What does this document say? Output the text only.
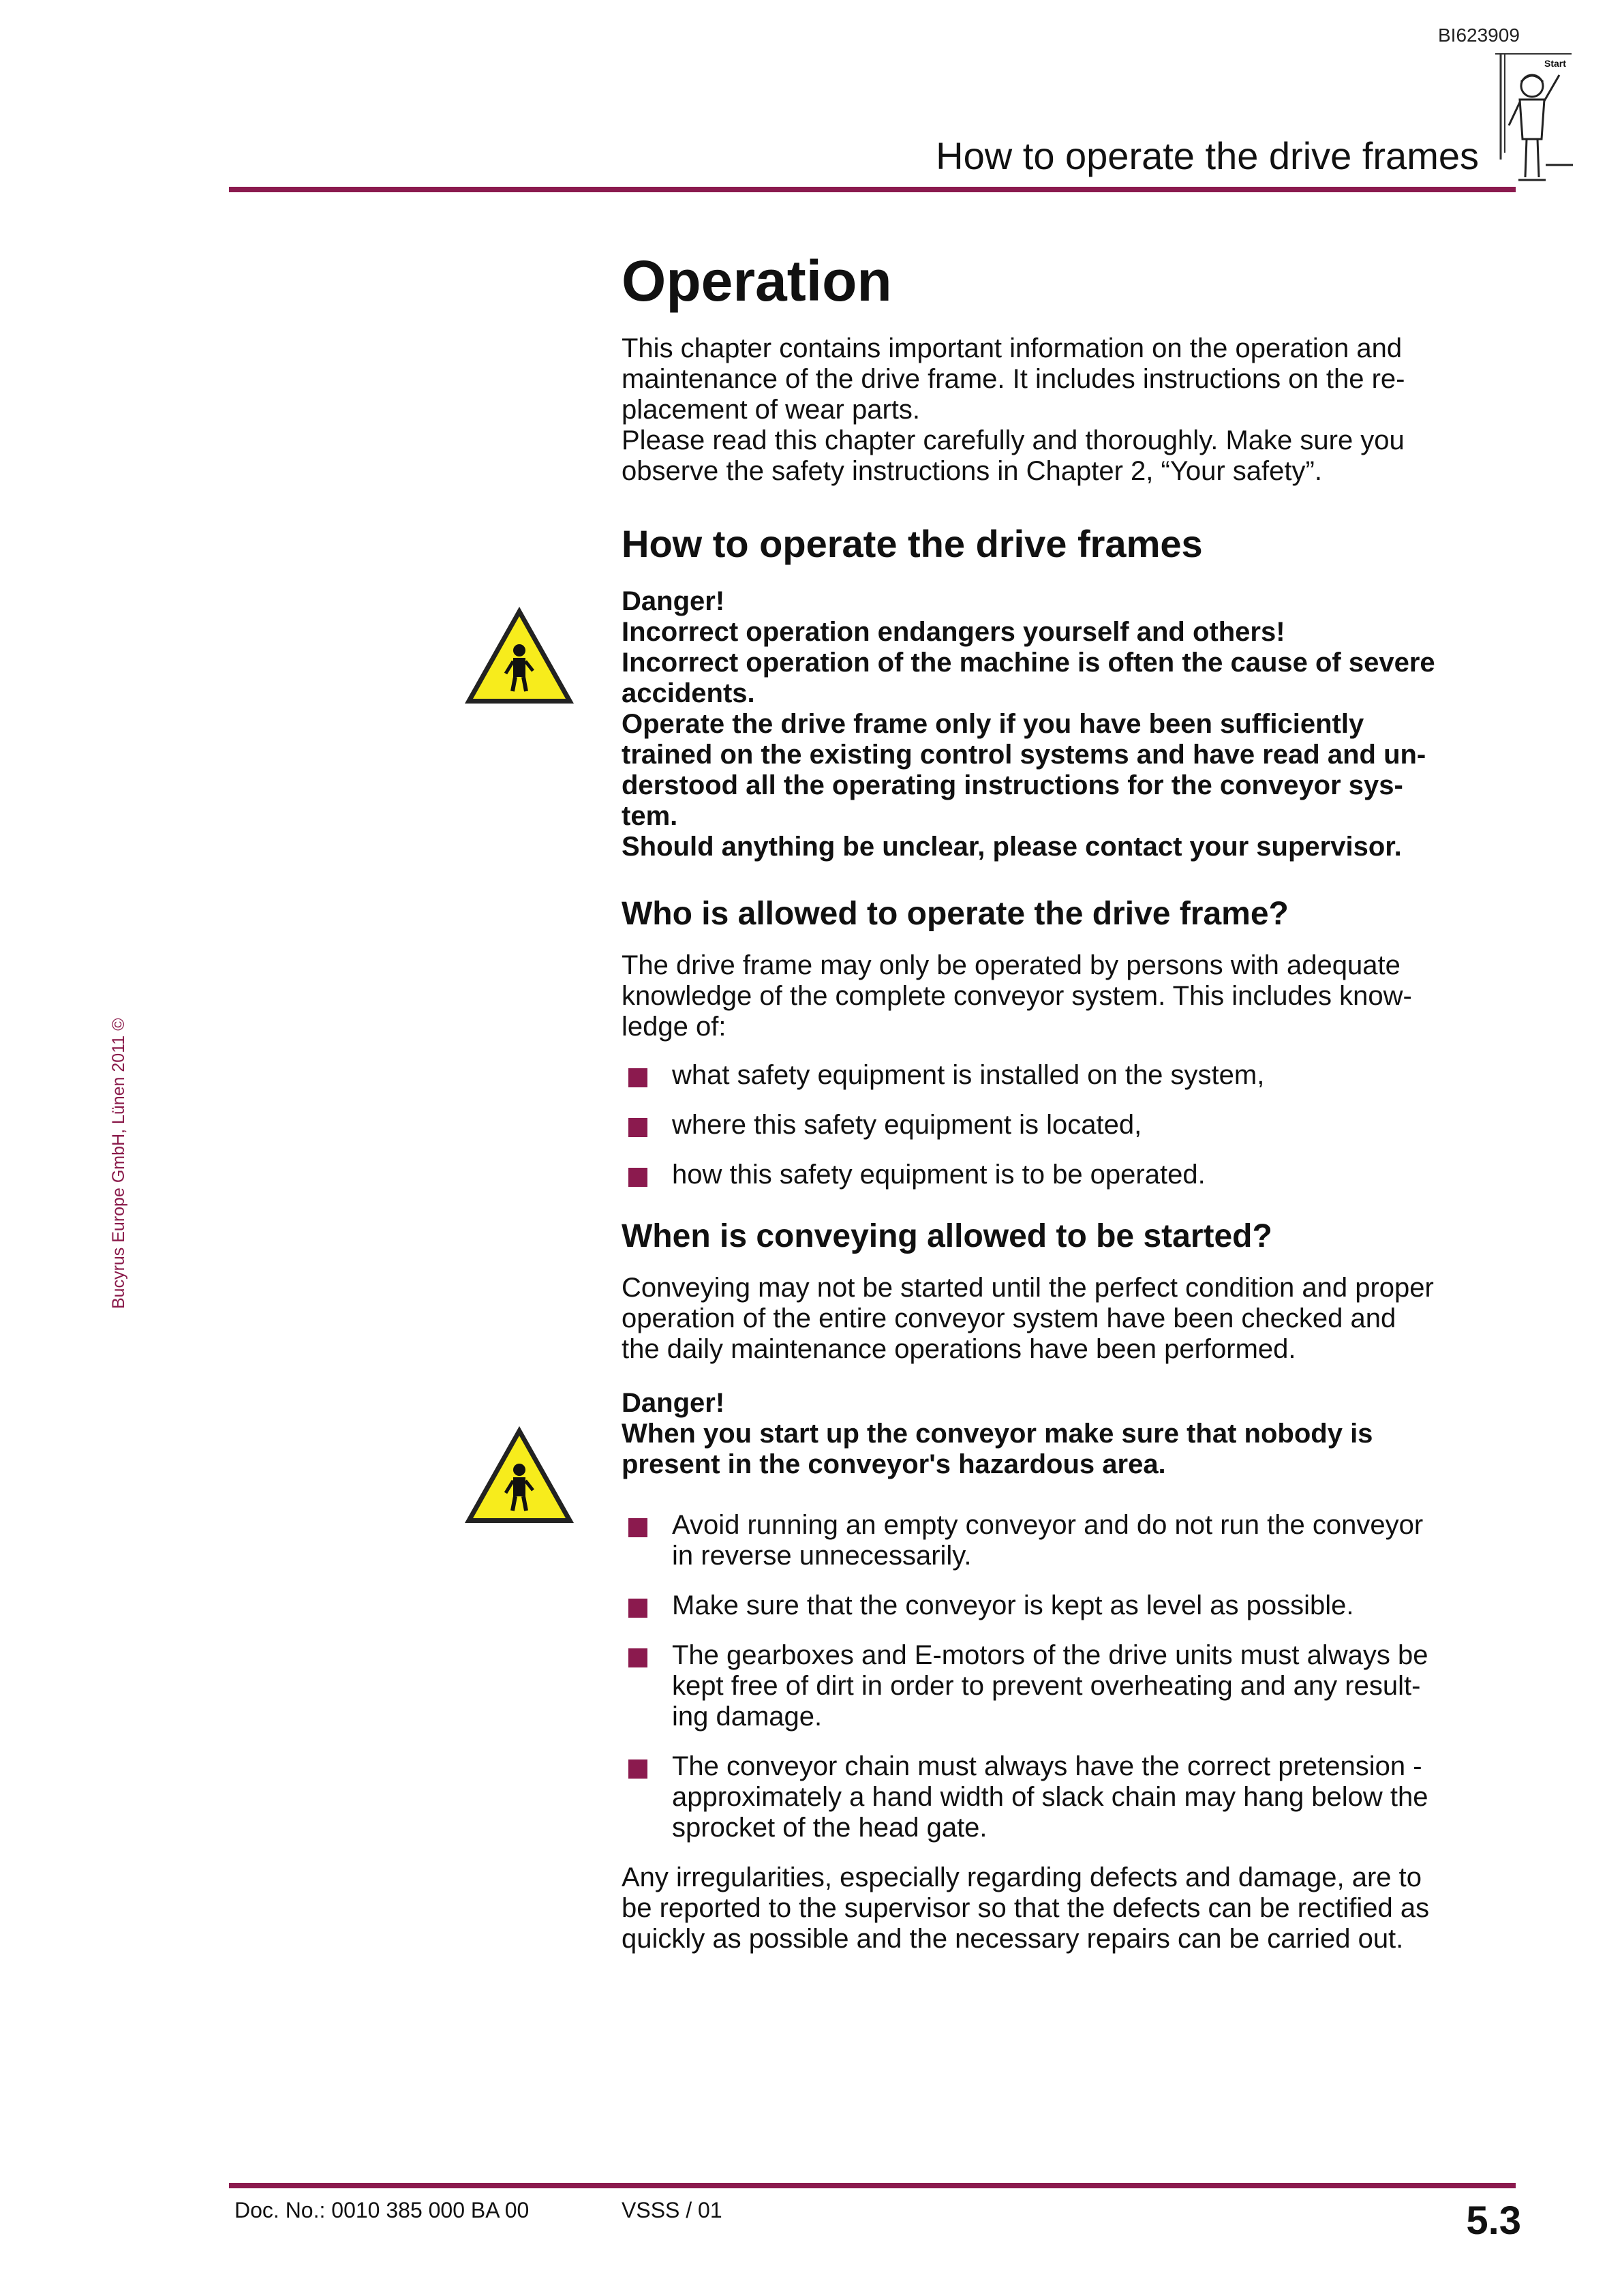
BI623909
Start
How to operate the drive frames
Bucyrus Europe GmbH, Lünen 2011 ©
Operation

This chapter contains important information on the operation and
maintenance of the drive frame. It includes instructions on the re-
placement of wear parts.
Please read this chapter carefully and thoroughly. Make sure you
observe the safety instructions in Chapter 2, “Your safety”.

How to operate the drive frames

Danger!
Incorrect operation endangers yourself and others!
Incorrect operation of the machine is often the cause of severe
accidents.
Operate the drive frame only if you have been sufficiently
trained on the existing control systems and have read and un-
derstood all the operating instructions for the conveyor sys-
tem.
Should anything be unclear, please contact your supervisor.

Who is allowed to operate the drive frame?

The drive frame may only be operated by persons with adequate
knowledge of the complete conveyor system. This includes know-
ledge of:

what safety equipment is installed on the system,
where this safety equipment is located,
how this safety equipment is to be operated.
When is conveying allowed to be started?

Conveying may not be started until the perfect condition and proper
operation of the entire conveyor system have been checked and
the daily maintenance operations have been performed.

Danger!
When you start up the conveyor make sure that nobody is
present in the conveyor's hazardous area.

Avoid running an empty conveyor and do not run the conveyor
in reverse unnecessarily.
Make sure that the conveyor is kept as level as possible.
The gearboxes and E-motors of the drive units must always be
kept free of dirt in order to prevent overheating and any result-
ing damage.
The conveyor chain must always have the correct pretension -
approximately a hand width of slack chain may hang below the
sprocket of the head gate.

Any irregularities, especially regarding defects and damage, are to
be reported to the supervisor so that the defects can be rectified as
quickly as possible and the necessary repairs can be carried out.

Doc. No.: 0010 385 000 BA 00	VSSS / 01	5.3
